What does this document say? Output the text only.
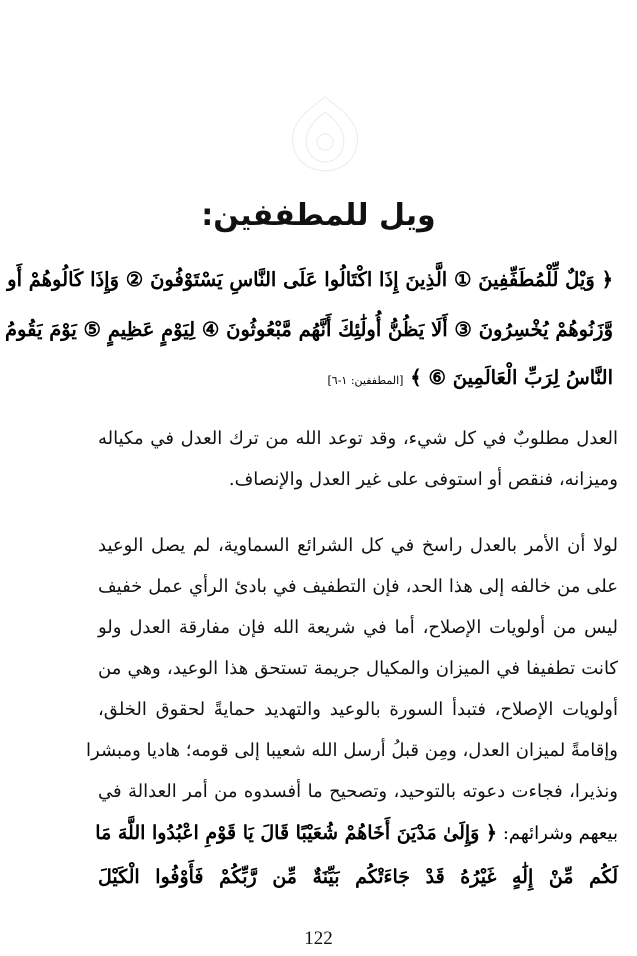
ويل للمطففين:
﴿ وَيْلٌ لِّلْمُطَفِّفِينَ ① الَّذِينَ إِذَا اكْتَالُوا عَلَى النَّاسِ يَسْتَوْفُونَ ② وَإِذَا كَالُوهُمْ أَو
وَّزَنُوهُمْ يُخْسِرُونَ ③ أَلَا يَظُنُّ أُولَٰئِكَ أَنَّهُم مَّبْعُوثُونَ ④ لِيَوْمٍ عَظِيمٍ ⑤ يَوْمَ يَقُومُ
النَّاسُ لِرَبِّ الْعَالَمِينَ ⑥ ﴾ [المطففين: ١-٦]
العدل مطلوبٌ في كل شيء، وقد توعد الله من ترك العدل في مكياله
وميزانه، فنقص أو استوفى على غير العدل والإنصاف.
لولا أن الأمر بالعدل راسخ في كل الشرائع السماوية، لم يصل الوعيد
على من خالفه إلى هذا الحد، فإن التطفيف في بادئ الرأي عمل خفيف
ليس من أولويات الإصلاح، أما في شريعة الله فإن مفارقة العدل ولو
كانت تطفيفا في الميزان والمكيال جريمة تستحق هذا الوعيد، وهي من
أولويات الإصلاح، فتبدأ السورة بالوعيد والتهديد حمايةً لحقوق الخلق،
وإقامةً لميزان العدل، ومِن قبلُ أرسل الله شعيبا إلى قومه؛ هاديا ومبشرا
ونذيرا، فجاءت دعوته بالتوحيد، وتصحيح ما أفسدوه من أمر العدالة في
بيعهم وشرائهم: ﴿ وَإِلَىٰ مَدْيَنَ أَخَاهُمْ شُعَيْبًا قَالَ يَا قَوْمِ اعْبُدُوا اللَّهَ مَا
لَكُم مِّنْ إِلَٰهٍ غَيْرُهُ قَدْ جَاءَتْكُم بَيِّنَةٌ مِّن رَّبِّكُمْ فَأَوْفُوا الْكَيْلَ
122
